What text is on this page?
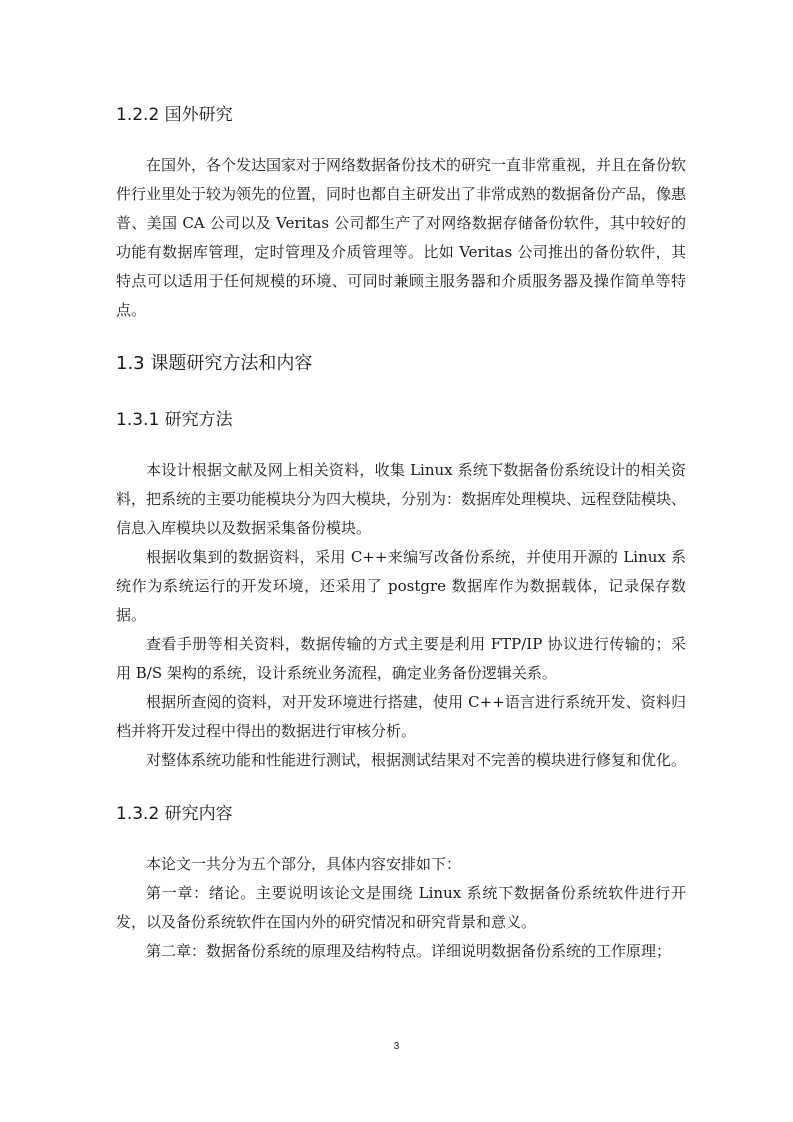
1.2.2 国外研究

在国外，各个发达国家对于网络数据备份技术的研究一直非常重视，并且在备份软件行业里处于较为领先的位置，同时也都自主研发出了非常成熟的数据备份产品，像惠普、美国 CA 公司以及 Veritas 公司都生产了对网络数据存储备份软件，其中较好的功能有数据库管理，定时管理及介质管理等。比如 Veritas 公司推出的备份软件，其特点可以适用于任何规模的环境、可同时兼顾主服务器和介质服务器及操作简单等特点。

1.3 课题研究方法和内容
1.3.1 研究方法

本设计根据文献及网上相关资料，收集 Linux 系统下数据备份系统设计的相关资料，把系统的主要功能模块分为四大模块，分别为：数据库处理模块、远程登陆模块、信息入库模块以及数据采集备份模块。

根据收集到的数据资料，采用 C++来编写改备份系统，并使用开源的 Linux 系统作为系统运行的开发环境，还采用了 postgre 数据库作为数据载体，记录保存数据。

查看手册等相关资料，数据传输的方式主要是利用 FTP/IP 协议进行传输的；采用 B/S 架构的系统，设计系统业务流程，确定业务备份逻辑关系。

根据所查阅的资料，对开发环境进行搭建，使用 C++语言进行系统开发、资料归档并将开发过程中得出的数据进行审核分析。

对整体系统功能和性能进行测试，根据测试结果对不完善的模块进行修复和优化。

1.3.2 研究内容

本论文一共分为五个部分，具体内容安排如下：

第一章：绪论。主要说明该论文是围绕 Linux 系统下数据备份系统软件进行开发，以及备份系统软件在国内外的研究情况和研究背景和意义。

第二章：数据备份系统的原理及结构特点。详细说明数据备份系统的工作原理；

3
